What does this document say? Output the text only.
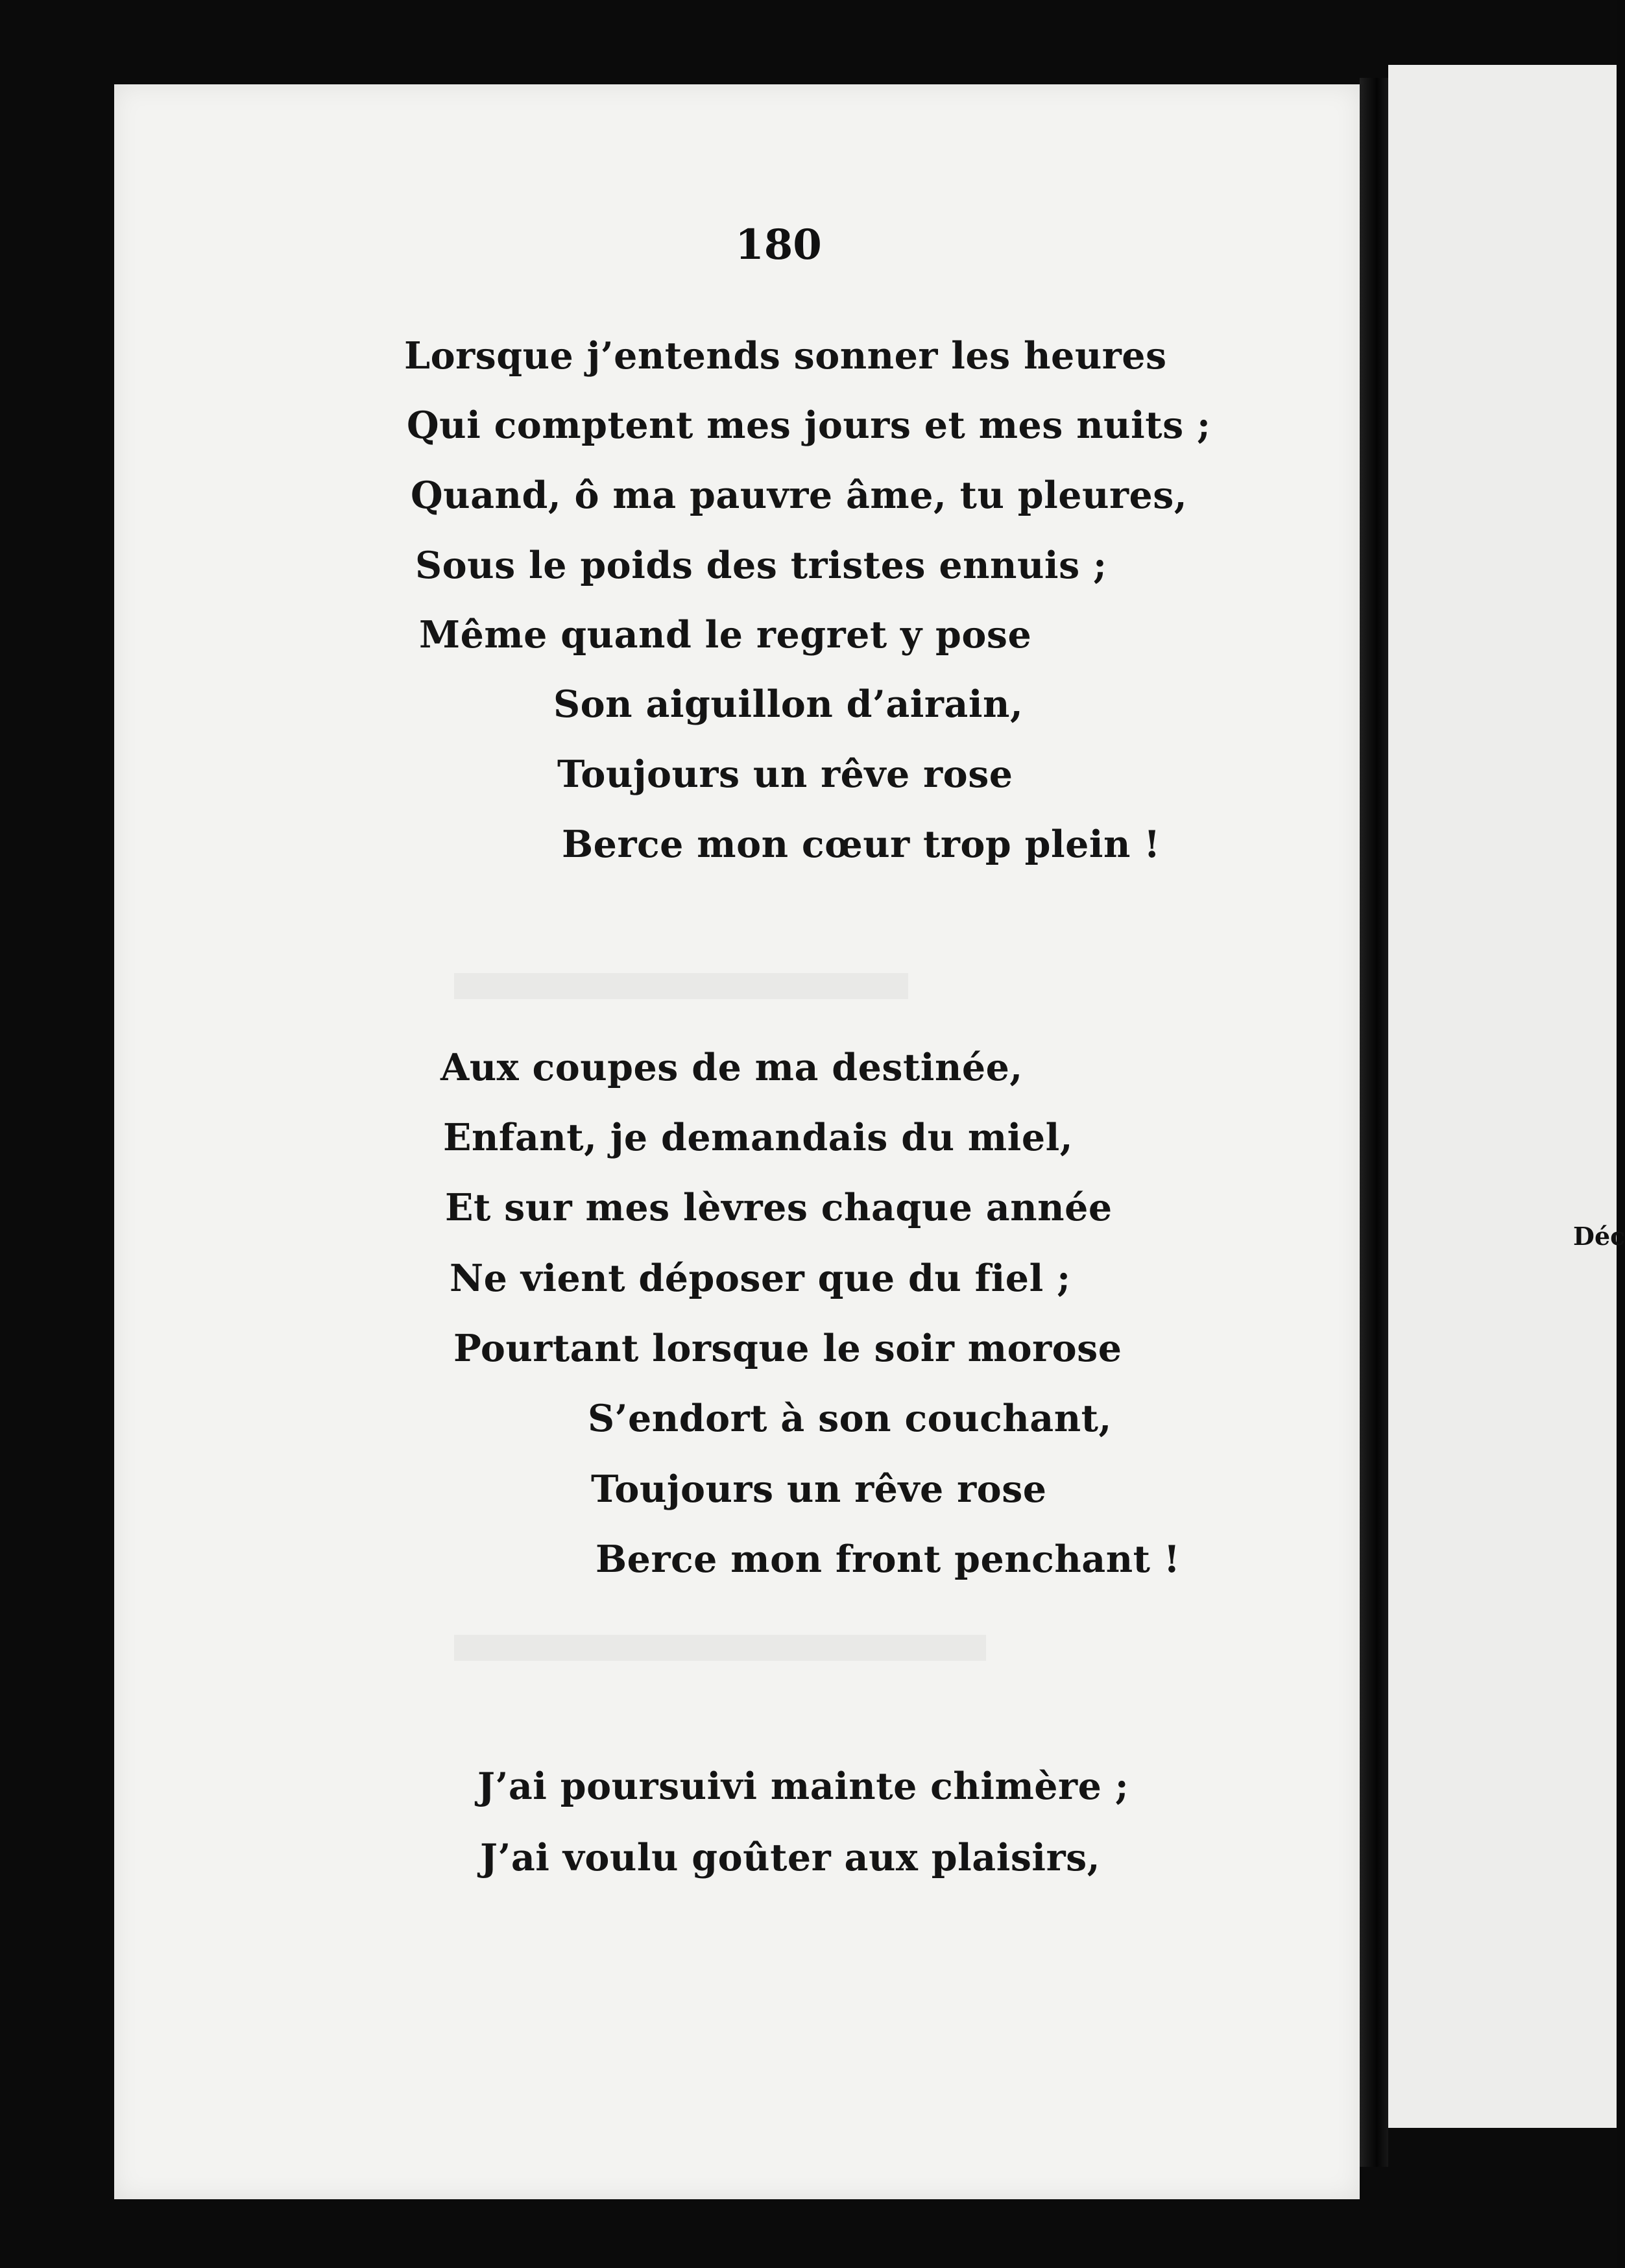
180
Lorsque j’entends sonner les heures
Qui comptent mes jours et mes nuits ;
Quand, ô ma pauvre âme, tu pleures,
Sous le poids des tristes ennuis ;
Même quand le regret y pose
Son aiguillon d’airain,
Toujours un rêve rose
Berce mon cœur trop plein !
Aux coupes de ma destinée,
Enfant, je demandais du miel,
Et sur mes lèvres chaque année
Ne vient déposer que du fiel ;
Pourtant lorsque le soir morose
S’endort à son couchant,
Toujours un rêve rose
Berce mon front penchant !
J’ai poursuivi mainte chimère ;
J’ai voulu goûter aux plaisirs,
Déc
